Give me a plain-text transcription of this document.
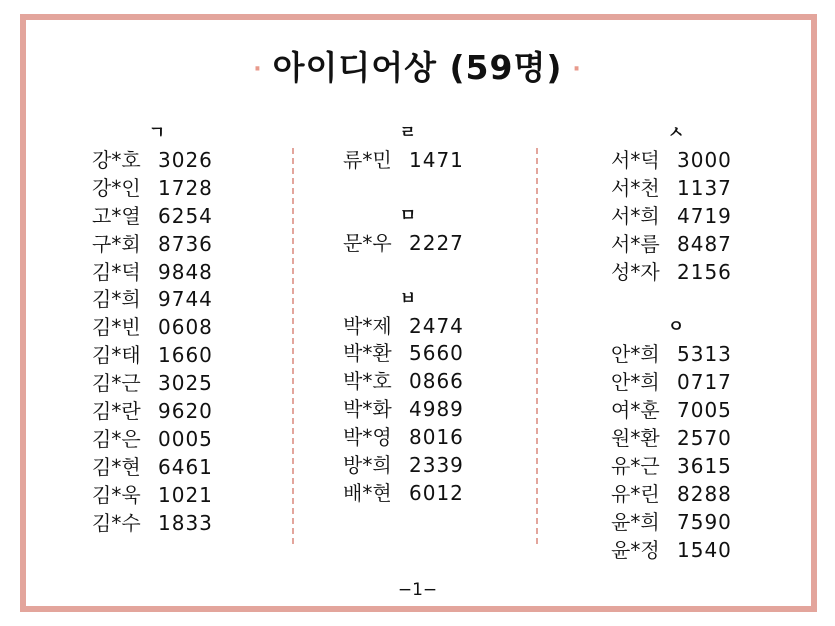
· 아이디어상 (59명) ·
ㄱ
강*호 3026
강*인 1728
고*열 6254
구*회 8736
김*덕 9848
김*희 9744
김*빈 0608
김*태 1660
김*근 3025
김*란 9620
김*은 0005
김*현 6461
김*욱 1021
김*수 1833
ㄹ
류*민 1471
ㅁ
문*우 2227
ㅂ
박*제 2474
박*환 5660
박*호 0866
박*화 4989
박*영 8016
방*희 2339
배*현 6012
ㅅ
서*덕 3000
서*천 1137
서*희 4719
서*름 8487
성*자 2156
ㅇ
안*희 5313
안*희 0717
여*훈 7005
원*환 2570
유*근 3615
유*린 8288
윤*희 7590
윤*정 1540
−1−
